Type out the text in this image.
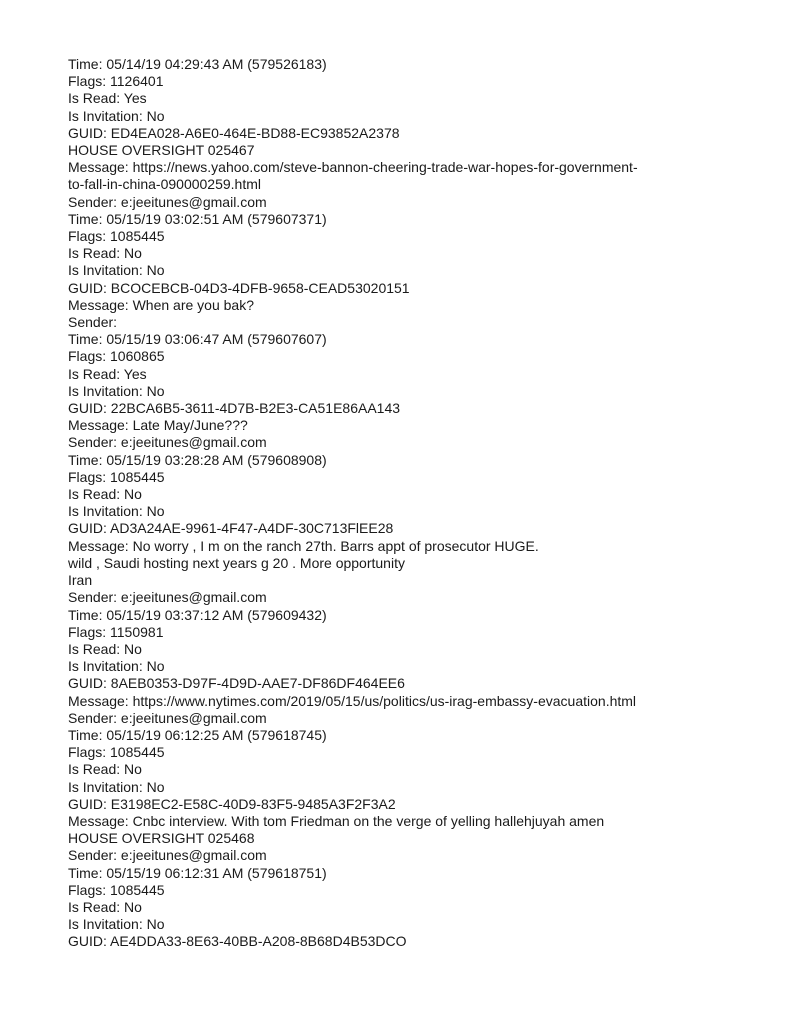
Time: 05/14/19 04:29:43 AM (579526183)
Flags: 1126401
Is Read: Yes
Is Invitation: No
GUID: ED4EA028-A6E0-464E-BD88-EC93852A2378
HOUSE OVERSIGHT 025467
Message: https://news.yahoo.com/steve-bannon-cheering-trade-war-hopes-for-government-
to-fall-in-china-090000259.html
Sender: e:jeeitunes@gmail.com
Time: 05/15/19 03:02:51 AM (579607371)
Flags: 1085445
Is Read: No
Is Invitation: No
GUID: BCOCEBCB-04D3-4DFB-9658-CEAD53020151
Message: When are you bak?
Sender:
Time: 05/15/19 03:06:47 AM (579607607)
Flags: 1060865
Is Read: Yes
Is Invitation: No
GUID: 22BCA6B5-3611-4D7B-B2E3-CA51E86AA143
Message: Late May/June???
Sender: e:jeeitunes@gmail.com
Time: 05/15/19 03:28:28 AM (579608908)
Flags: 1085445
Is Read: No
Is Invitation: No
GUID: AD3A24AE-9961-4F47-A4DF-30C713FlEE28
Message: No worry , I m on the ranch 27th. Barrs appt of prosecutor HUGE.
wild , Saudi hosting next years g 20 . More opportunity
Iran
Sender: e:jeeitunes@gmail.com
Time: 05/15/19 03:37:12 AM (579609432)
Flags: 1150981
Is Read: No
Is Invitation: No
GUID: 8AEB0353-D97F-4D9D-AAE7-DF86DF464EE6
Message: https://www.nytimes.com/2019/05/15/us/politics/us-irag-embassy-evacuation.html
Sender: e:jeeitunes@gmail.com
Time: 05/15/19 06:12:25 AM (579618745)
Flags: 1085445
Is Read: No
Is Invitation: No
GUID: E3198EC2-E58C-40D9-83F5-9485A3F2F3A2
Message: Cnbc interview. With tom Friedman on the verge of yelling hallehjuyah amen
HOUSE OVERSIGHT 025468
Sender: e:jeeitunes@gmail.com
Time: 05/15/19 06:12:31 AM (579618751)
Flags: 1085445
Is Read: No
Is Invitation: No
GUID: AE4DDA33-8E63-40BB-A208-8B68D4B53DCO
